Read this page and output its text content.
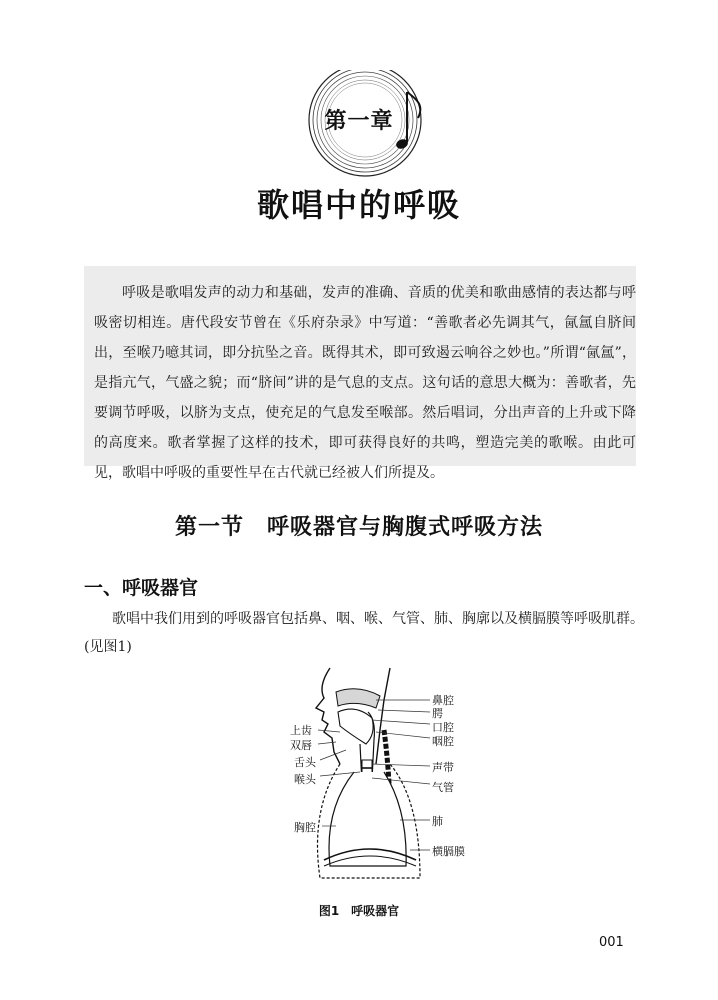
第一章
歌唱中的呼吸

呼吸是歌唱发声的动力和基础，发声的准确、音质的优美和歌曲感情的表达都与呼吸密切相连。唐代段安节曾在《乐府杂录》中写道：“善歌者必先调其气，氤氲自脐间出，至喉乃噫其词，即分抗坠之音。既得其术，即可致遏云响谷之妙也。”所谓“氤氲”，是指亢气，气盛之貌；而“脐间”讲的是气息的支点。这句话的意思大概为：善歌者，先要调节呼吸，以脐为支点，使充足的气息发至喉部。然后唱词，分出声音的上升或下降的高度来。歌者掌握了这样的技术，即可获得良好的共鸣，塑造完美的歌喉。由此可见，歌唱中呼吸的重要性早在古代就已经被人们所提及。

第一节　呼吸器官与胸腹式呼吸方法
一、呼吸器官

歌唱中我们用到的呼吸器官包括鼻、咽、喉、气管、肺、胸廓以及横膈膜等呼吸肌群。(见图1)

鼻腔
腭
口腔
咽腔
声带
气管
肺
横膈膜
上齿
双唇
舌头
喉头
胸腔
图1　呼吸器官
001
